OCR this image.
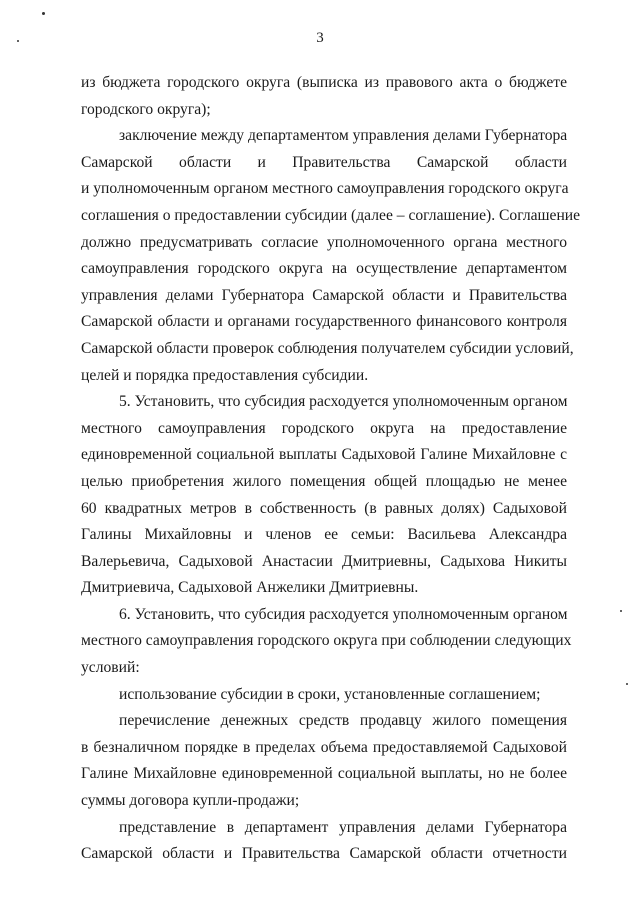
3
из бюджета городского округа (выписка из правового акта о бюджете
городского округа);
заключение между департаментом управления делами Губернатора
Самарской области и Правительства Самарской области
и уполномоченным органом местного самоуправления городского округа
соглашения о предоставлении субсидии (далее – соглашение). Соглашение
должно предусматривать согласие уполномоченного органа местного
самоуправления городского округа на осуществление департаментом
управления делами Губернатора Самарской области и Правительства
Самарской области и органами государственного финансового контроля
Самарской области проверок соблюдения получателем субсидии условий,
целей и порядка предоставления субсидии.
5. Установить, что субсидия расходуется уполномоченным органом
местного самоуправления городского округа на предоставление
единовременной социальной выплаты Садыховой Галине Михайловне с
целью приобретения жилого помещения общей площадью не менее
60 квадратных метров в собственность (в равных долях) Садыховой
Галины Михайловны и членов ее семьи: Васильева Александра
Валерьевича, Садыховой Анастасии Дмитриевны, Садыхова Никиты
Дмитриевича, Садыховой Анжелики Дмитриевны.
6. Установить, что субсидия расходуется уполномоченным органом
местного самоуправления городского округа при соблюдении следующих
условий:
использование субсидии в сроки, установленные соглашением;
перечисление денежных средств продавцу жилого помещения
в безналичном порядке в пределах объема предоставляемой Садыховой
Галине Михайловне единовременной социальной выплаты, но не более
суммы договора купли-продажи;
представление в департамент управления делами Губернатора
Самарской области и Правительства Самарской области отчетности
